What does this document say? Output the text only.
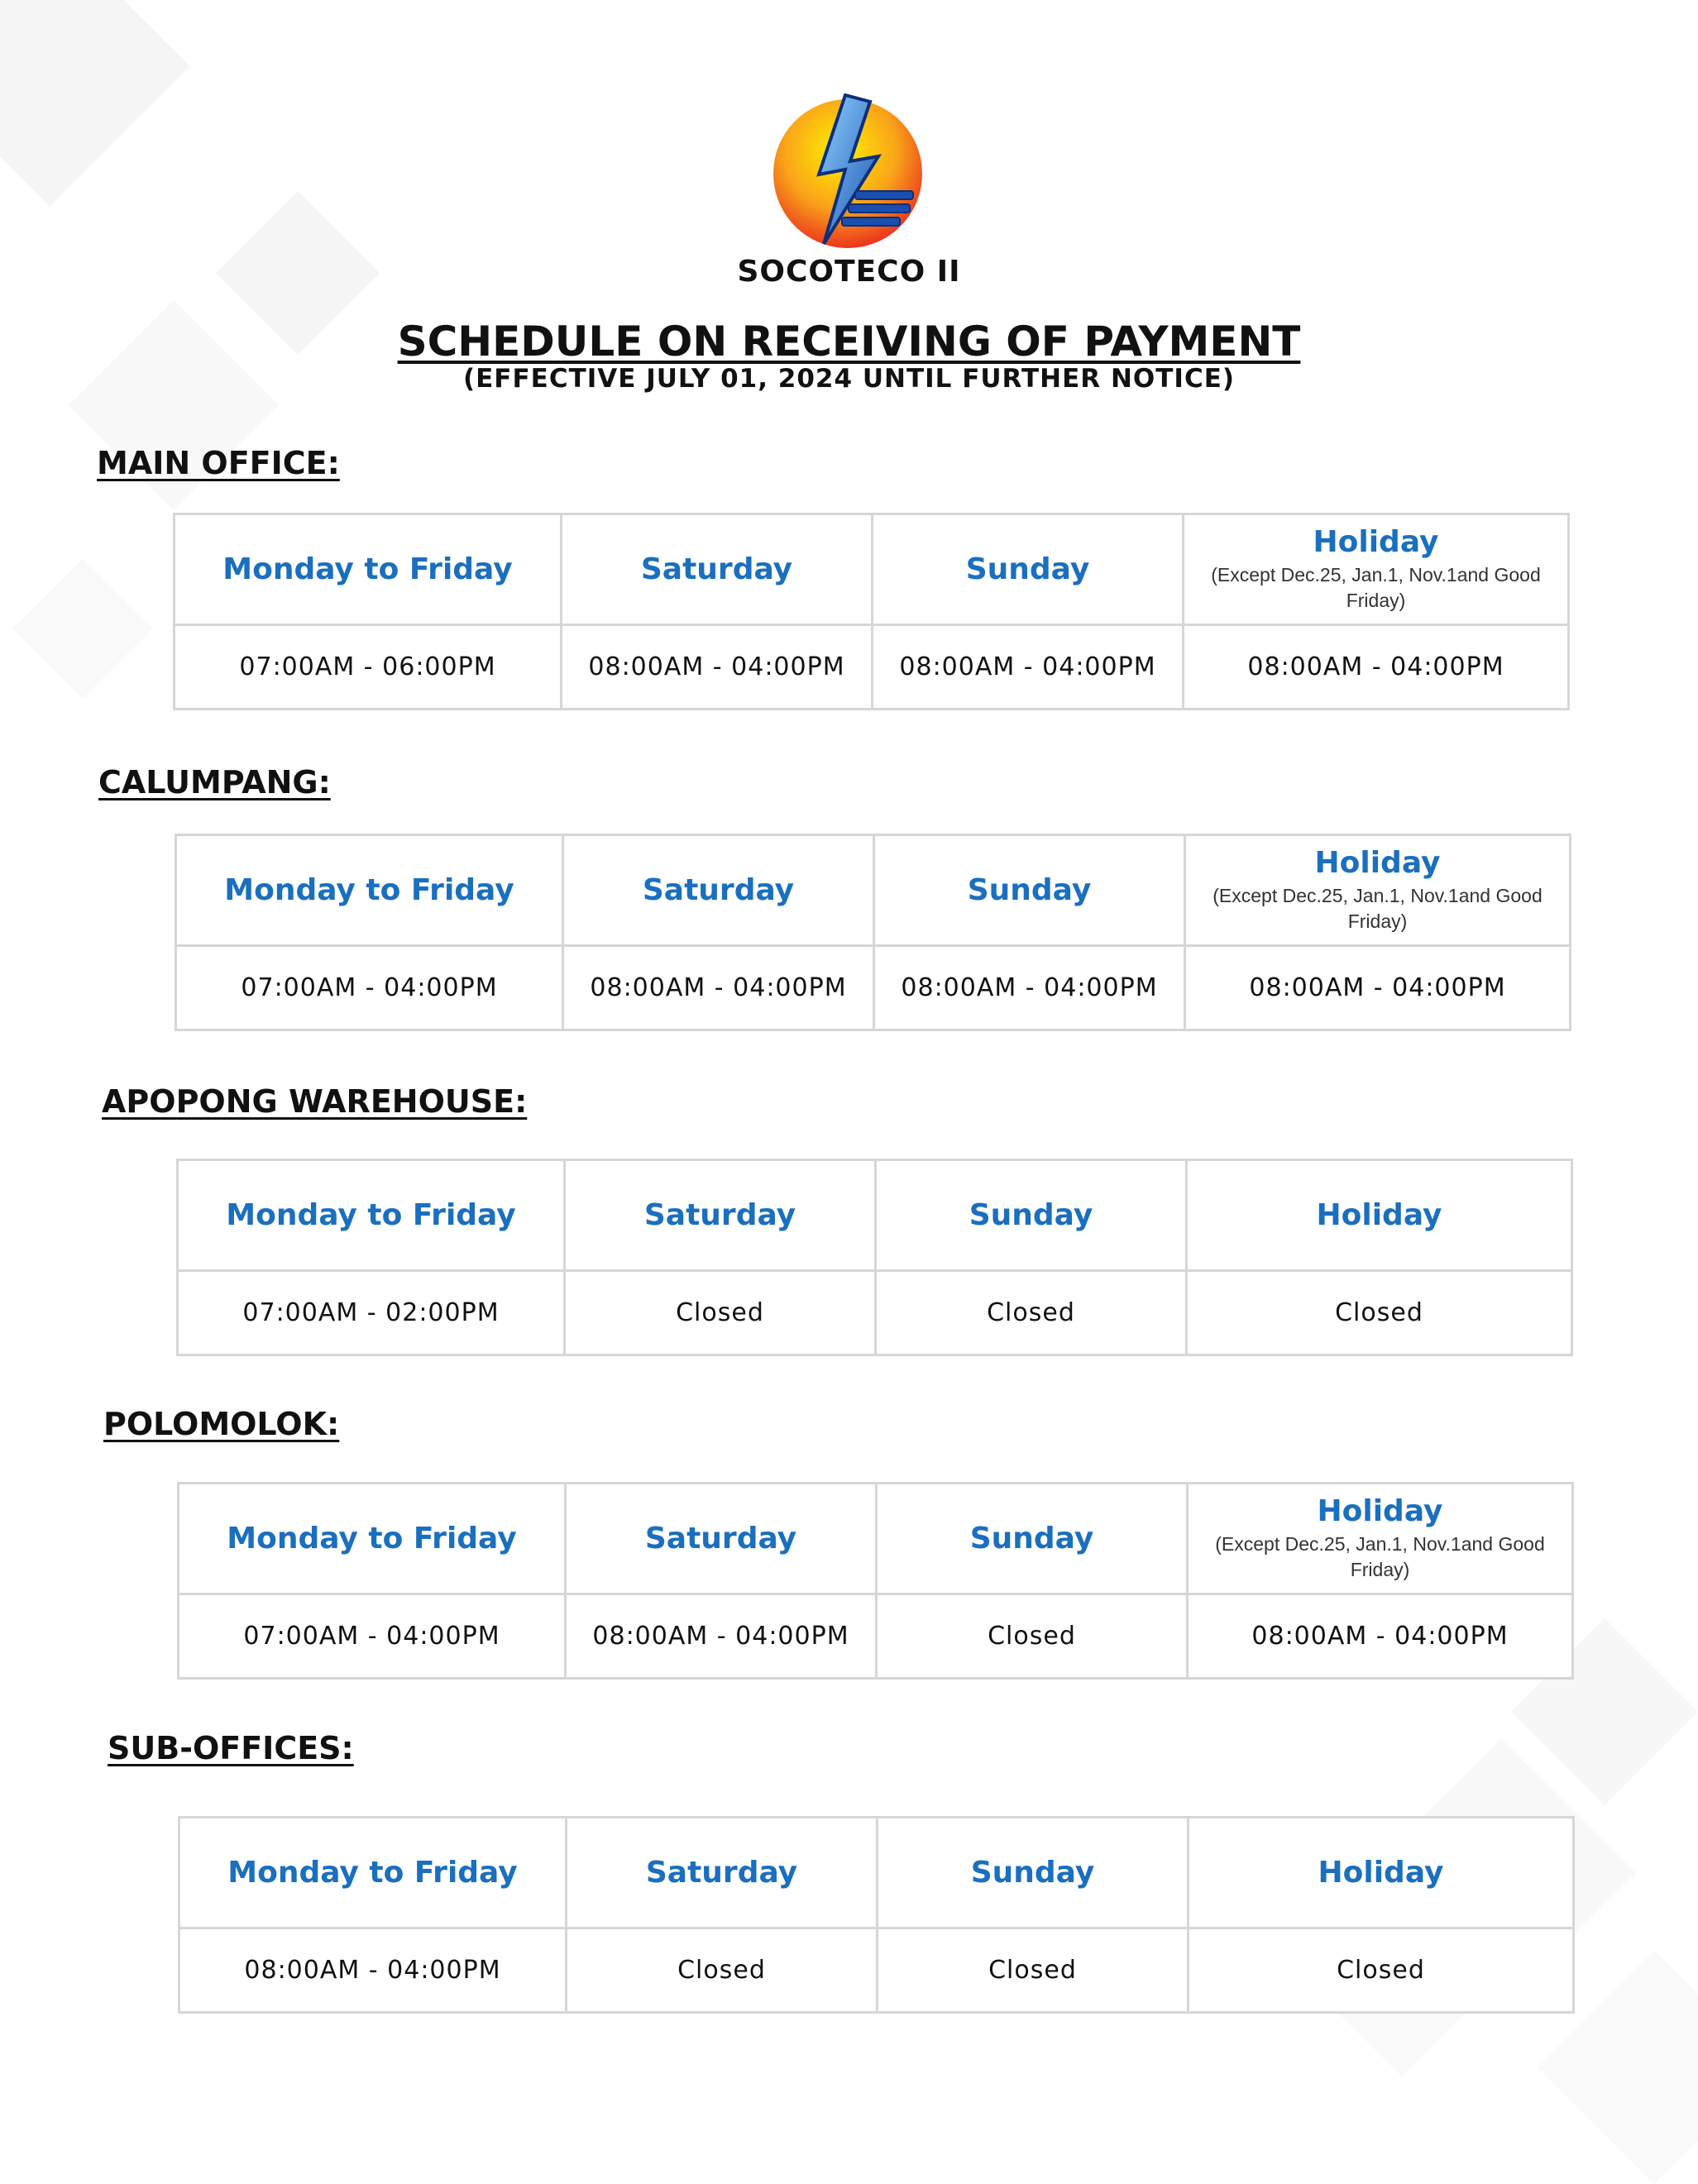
SOCOTECO II
SCHEDULE ON RECEIVING OF PAYMENT
(EFFECTIVE JULY 01, 2024 UNTIL FURTHER NOTICE)
MAIN OFFICE:
Monday to Friday	Saturday	Sunday	Holiday
(Except Dec.25, Jan.1, Nov.1and Good Friday)

07:00AM - 06:00PM	08:00AM - 04:00PM	08:00AM - 04:00PM	08:00AM - 04:00PM
CALUMPANG:
Monday to Friday	Saturday	Sunday	Holiday
(Except Dec.25, Jan.1, Nov.1and Good Friday)

07:00AM - 04:00PM	08:00AM - 04:00PM	08:00AM - 04:00PM	08:00AM - 04:00PM
APOPONG WAREHOUSE:
Monday to Friday	Saturday	Sunday	Holiday

07:00AM - 02:00PM	Closed	Closed	Closed
POLOMOLOK:
Monday to Friday	Saturday	Sunday	Holiday
(Except Dec.25, Jan.1, Nov.1and Good Friday)

07:00AM - 04:00PM	08:00AM - 04:00PM	Closed	08:00AM - 04:00PM
SUB-OFFICES:
Monday to Friday	Saturday	Sunday	Holiday

08:00AM - 04:00PM	Closed	Closed	Closed
